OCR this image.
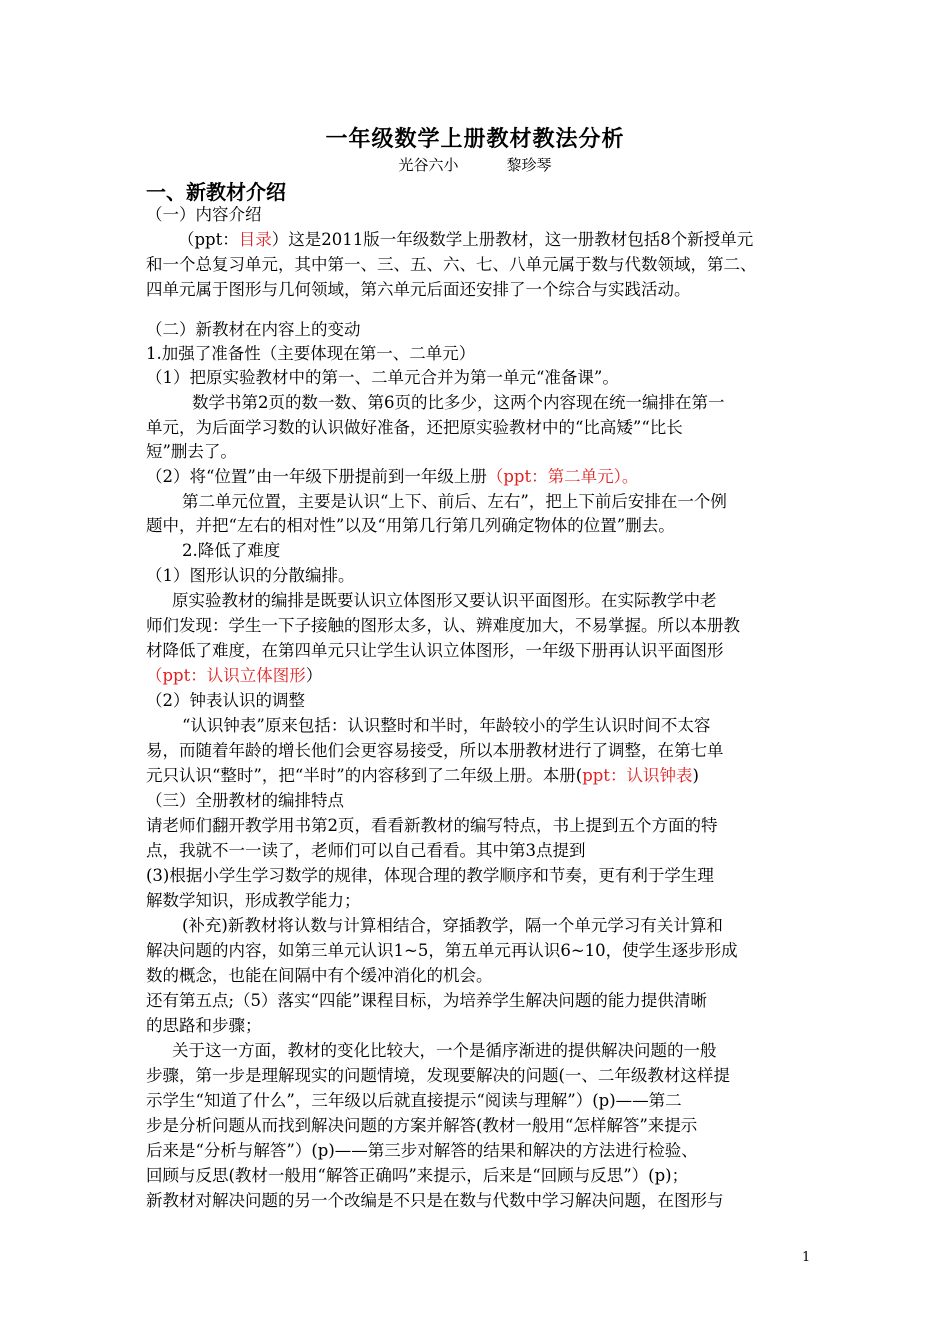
一年级数学上册教材教法分析
光谷六小	黎珍琴
一、新教材介绍
（一）内容介绍
（ppt：目录）这是2011版一年级数学上册教材，这一册教材包括8个新授单元
和一个总复习单元，其中第一、三、五、六、七、八单元属于数与代数领域，第二、
四单元属于图形与几何领域，第六单元后面还安排了一个综合与实践活动。
（二）新教材在内容上的变动
1.加强了准备性（主要体现在第一、二单元）
（1）把原实验教材中的第一、二单元合并为第一单元“准备课”。
数学书第2页的数一数、第6页的比多少，这两个内容现在统一编排在第一
单元，为后面学习数的认识做好准备，还把原实验教材中的“比高矮”“比长
短”删去了。
（2）将“位置”由一年级下册提前到一年级上册（ppt：第二单元）。
第二单元位置，主要是认识“上下、前后、左右”，把上下前后安排在一个例
题中，并把“左右的相对性”以及“用第几行第几列确定物体的位置”删去。
2.降低了难度
（1）图形认识的分散编排。
原实验教材的编排是既要认识立体图形又要认识平面图形。在实际教学中老
师们发现：学生一下子接触的图形太多，认、辨难度加大，不易掌握。所以本册教
材降低了难度，在第四单元只让学生认识立体图形，一年级下册再认识平面图形
（ppt：认识立体图形）
（2）钟表认识的调整
“认识钟表”原来包括：认识整时和半时，年龄较小的学生认识时间不太容
易，而随着年龄的增长他们会更容易接受，所以本册教材进行了调整，在第七单
元只认识“整时”，把“半时”的内容移到了二年级上册。本册(ppt：认识钟表)
（三）全册教材的编排特点
请老师们翻开教学用书第2页，看看新教材的编写特点，书上提到五个方面的特
点，我就不一一读了，老师们可以自己看看。其中第3点提到
(3)根据小学生学习数学的规律，体现合理的教学顺序和节奏，更有利于学生理
解数学知识，形成教学能力；
(补充)新教材将认数与计算相结合，穿插教学，隔一个单元学习有关计算和
解决问题的内容，如第三单元认识1~5，第五单元再认识6~10，使学生逐步形成
数的概念，也能在间隔中有个缓冲消化的机会。
还有第五点;（5）落实“四能”课程目标，为培养学生解决问题的能力提供清晰
的思路和步骤；
关于这一方面，教材的变化比较大，一个是循序渐进的提供解决问题的一般
步骤，第一步是理解现实的问题情境，发现要解决的问题(一、二年级教材这样提
示学生“知道了什么”，三年级以后就直接提示“阅读与理解”）(p)——第二
步是分析问题从而找到解决问题的方案并解答(教材一般用“怎样解答”来提示
后来是“分析与解答”）(p)——第三步对解答的结果和解决的方法进行检验、
回顾与反思(教材一般用“解答正确吗”来提示，后来是“回顾与反思”）(p)；
新教材对解决问题的另一个改编是不只是在数与代数中学习解决问题，在图形与
1
